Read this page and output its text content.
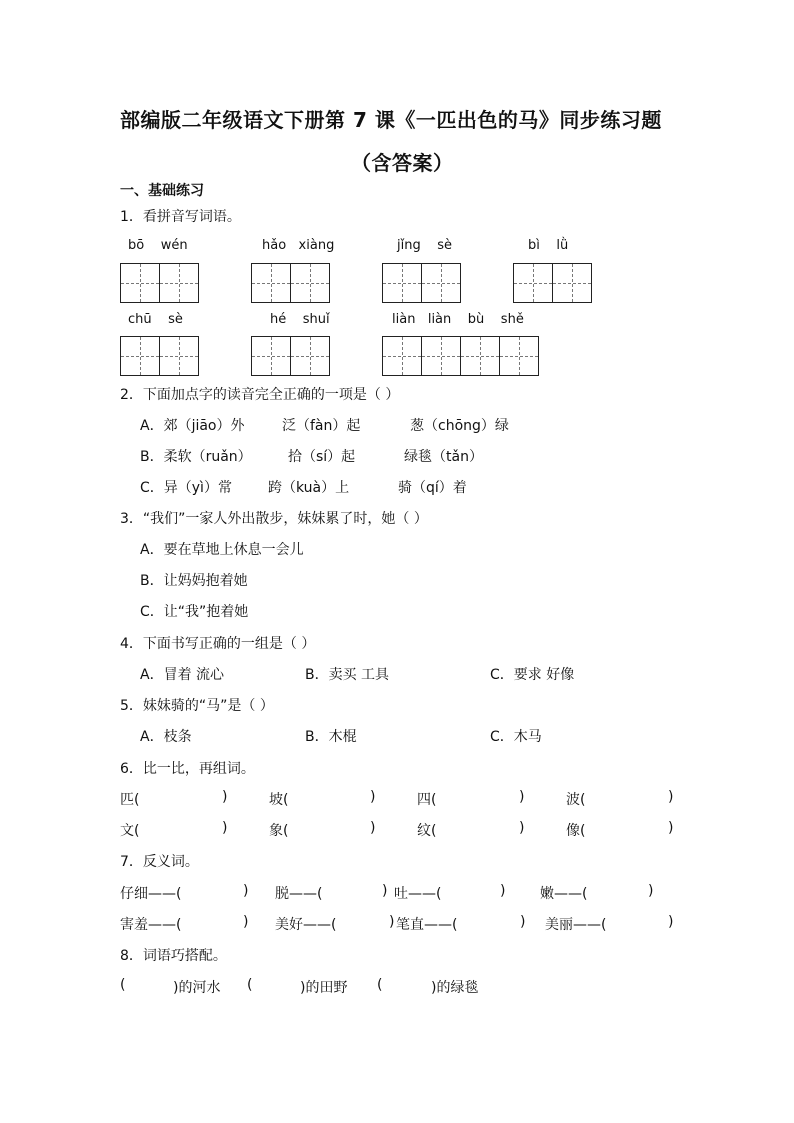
部编版二年级语文下册第 7 课《一匹出色的马》同步练习题
（含答案）
一、基础练习
1．看拼音写词语。
bō    wén	hǎo   xiàng	jǐng    sè	bì    lǜ
chū    sè	hé    shuǐ	liàn   liàn    bù    shě
2．下面加点字的读音完全正确的一项是（ ）
A．郊（jiāo）外	泛（fàn）起	葱（chōng）绿
B．柔软（ruǎn）	拾（sí）起	绿毯（tǎn）
C．异（yì）常	跨（kuà）上	骑（qí）着
3．“我们”一家人外出散步，妹妹累了时，她（ ）
A．要在草地上休息一会儿
B．让妈妈抱着她
C．让“我”抱着她
4．下面书写正确的一组是（ ）
A．冒着 流心	B．卖买 工具	C．要求 好像
5．妹妹骑的“马”是（ ）
A．枝条	B．木棍	C．木马
6．比一比，再组词。
匹(	)	坡(	)	四(	)	波(	)
文(	)	象(	)	纹(	)	像(	)
7．反义词。
仔细——(	) 脱——(	) 吐——(	) 嫩——(	)
害羞——(	) 美好——(	) 笔直——(	) 美丽——(	)
8．词语巧搭配。
(	)的河水 (	)的田野 (	)的绿毯
